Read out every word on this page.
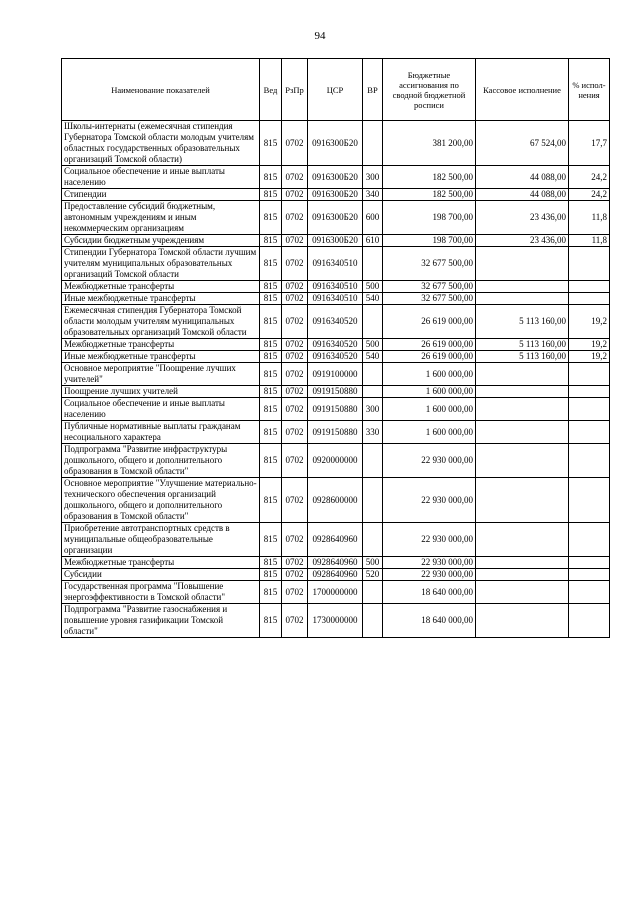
94
Наименование показателей	Вед	РзПр	ЦСР	ВР	Бюджетные ассигнования по сводной бюджетной росписи	Кассовое исполнение	% испол-нения
Школы-интернаты (ежемесячная стипендия Губернатора Томской области молодым учителям областных государственных образовательных организаций Томской области)	815	0702	0916300Б20		381 200,00	67 524,00	17,7
Социальное обеспечение и иные выплаты населению	815	0702	0916300Б20	300	182 500,00	44 088,00	24,2
Стипендии	815	0702	0916300Б20	340	182 500,00	44 088,00	24,2
Предоставление субсидий бюджетным, автономным учреждениям и иным некоммерческим организациям	815	0702	0916300Б20	600	198 700,00	23 436,00	11,8
Субсидии бюджетным учреждениям	815	0702	0916300Б20	610	198 700,00	23 436,00	11,8
Стипендии Губернатора Томской области лучшим учителям муниципальных образовательных организаций Томской области	815	0702	0916340510		32 677 500,00		
Межбюджетные трансферты	815	0702	0916340510	500	32 677 500,00		
Иные межбюджетные трансферты	815	0702	0916340510	540	32 677 500,00		
Ежемесячная стипендия Губернатора Томской области молодым учителям муниципальных образовательных организаций Томской области	815	0702	0916340520		26 619 000,00	5 113 160,00	19,2
Межбюджетные трансферты	815	0702	0916340520	500	26 619 000,00	5 113 160,00	19,2
Иные межбюджетные трансферты	815	0702	0916340520	540	26 619 000,00	5 113 160,00	19,2
Основное мероприятие "Поощрение лучших учителей"	815	0702	0919100000		1 600 000,00		
Поощрение лучших учителей	815	0702	0919150880		1 600 000,00		
Социальное обеспечение и иные выплаты населению	815	0702	0919150880	300	1 600 000,00		
Публичные нормативные выплаты гражданам несоциального характера	815	0702	0919150880	330	1 600 000,00		
Подпрограмма "Развитие инфраструктуры дошкольного, общего и дополнительного образования в Томской области"	815	0702	0920000000		22 930 000,00		
Основное мероприятие "Улучшение материально-технического обеспечения организаций дошкольного, общего и дополнительного образования в Томской области"	815	0702	0928600000		22 930 000,00		
Приобретение автотранспортных средств в муниципальные общеобразовательные организации	815	0702	0928640960		22 930 000,00		
Межбюджетные трансферты	815	0702	0928640960	500	22 930 000,00		
Субсидии	815	0702	0928640960	520	22 930 000,00		
Государственная программа "Повышение энергоэффективности в Томской области"	815	0702	1700000000		18 640 000,00		
Подпрограмма "Развитие газоснабжения и повышение уровня газификации Томской области"	815	0702	1730000000		18 640 000,00		
